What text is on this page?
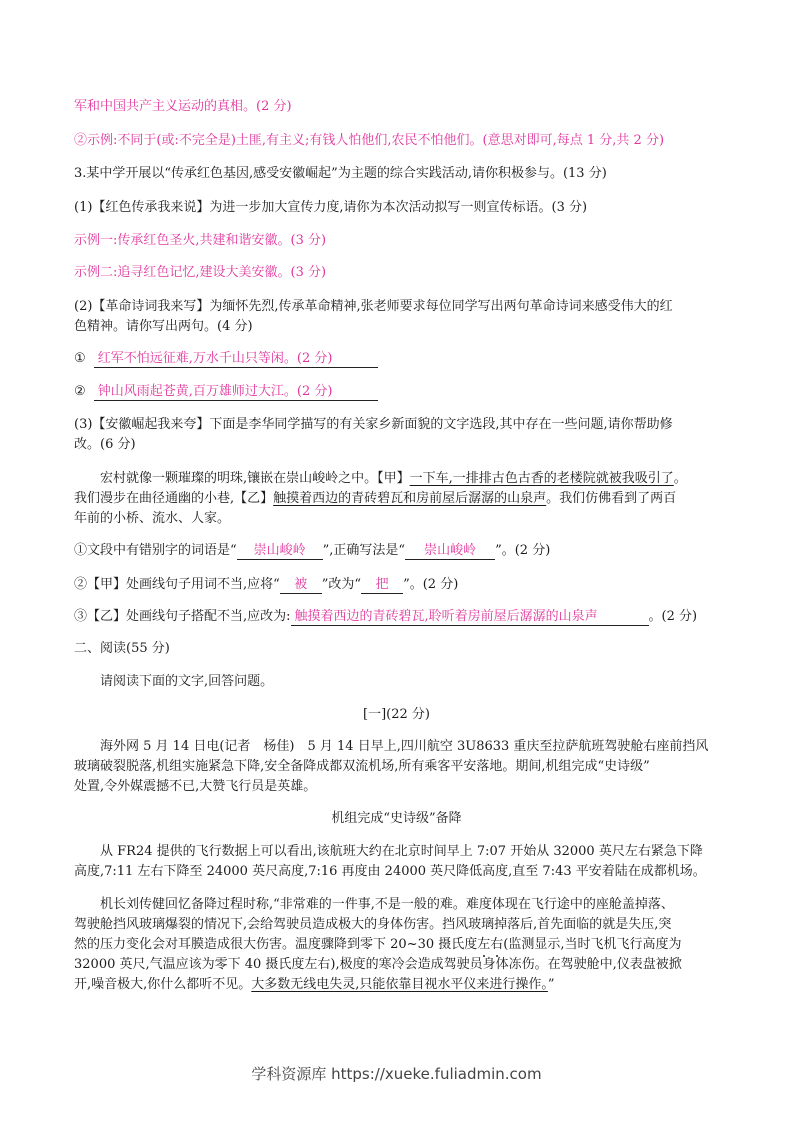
军和中国共产主义运动的真相。(2 分)
②示例:不同于(或:不完全是)土匪,有主义;有钱人怕他们,农民不怕他们。(意思对即可,每点 1 分,共 2 分)
3.某中学开展以“传承红色基因,感受安徽崛起”为主题的综合实践活动,请你积极参与。(13 分)
(1)【红色传承我来说】为进一步加大宣传力度,请你为本次活动拟写一则宣传标语。(3 分)
示例一:传承红色圣火,共建和谐安徽。(3 分)
示例二:追寻红色记忆,建设大美安徽。(3 分)
(2)【革命诗词我来写】为缅怀先烈,传承革命精神,张老师要求每位同学写出两句革命诗词来感受伟大的红
色精神。请你写出两句。(4 分)
① 红军不怕远征难,万水千山只等闲。(2 分)
② 钟山风雨起苍黄,百万雄师过大江。(2 分)
(3)【安徽崛起我来夸】下面是李华同学描写的有关家乡新面貌的文字选段,其中存在一些问题,请你帮助修
改。(6 分)
宏村就像一颗璀璨的明珠,镶嵌在崇山峻岭之中。【甲】一下车,一排排古色古香的老楼院就被我吸引了。
我们漫步在曲径通幽的小巷,【乙】触摸着西边的青砖碧瓦和房前屋后潺潺的山泉声。我们仿佛看到了两百
年前的小桥、流水、人家。
①文段中有错别字的词语是“ 崇山峻岭 ”,正确写法是“ 崇山峻岭 ”。(2 分)
②【甲】处画线句子用词不当,应将“ 被 ”改为“ 把 ”。(2 分)
③【乙】处画线句子搭配不当,应改为: 触摸着西边的青砖碧瓦,聆听着房前屋后潺潺的山泉声	。(2 分)
二、阅读(55 分)
请阅读下面的文字,回答问题。
[一](22 分)
海外网 5 月 14 日电(记者　杨佳)　5 月 14 日早上,四川航空 3U8633 重庆至拉萨航班驾驶舱右座前挡风
玻璃破裂脱落,机组实施紧急下降,安全备降成都双流机场,所有乘客平安落地。期间,机组完成“史诗级”
处置,令外媒震撼不已,大赞飞行员是英雄。
机组完成“史诗级”备降
从 FR24 提供的飞行数据上可以看出,该航班大约在北京时间早上 7:07 开始从 32000 英尺左右紧急下降
高度,7:11 左右下降至 24000 英尺高度,7:16 再度由 24000 英尺降低高度,直至 7:43 平安着陆在成都机场。
机长刘传健回忆备降过程时称,“非常难的一件事,不是一般的难。难度体现在飞行途中的座舱盖掉落、
驾驶舱挡风玻璃爆裂的情况下,会给驾驶员造成极大的身体伤害。挡风玻璃掉落后,首先面临的就是失压,突
然的压力变化会对耳膜造成很大伤害。温度骤降到零下 20~30 摄氏度左右(监测显示,当时飞机飞行高度为
32000 英尺,气温应该为零下 40 摄氏度左右),极度的寒冷会造成驾驶员身体冻伤。在驾驶舱中,仪表盘被掀
开,噪音极大,你什么都听不见。大多数无线电失灵,只能依靠目视水平仪来进行操作。”
学科资源库 https://xueke.fuliadmin.com
